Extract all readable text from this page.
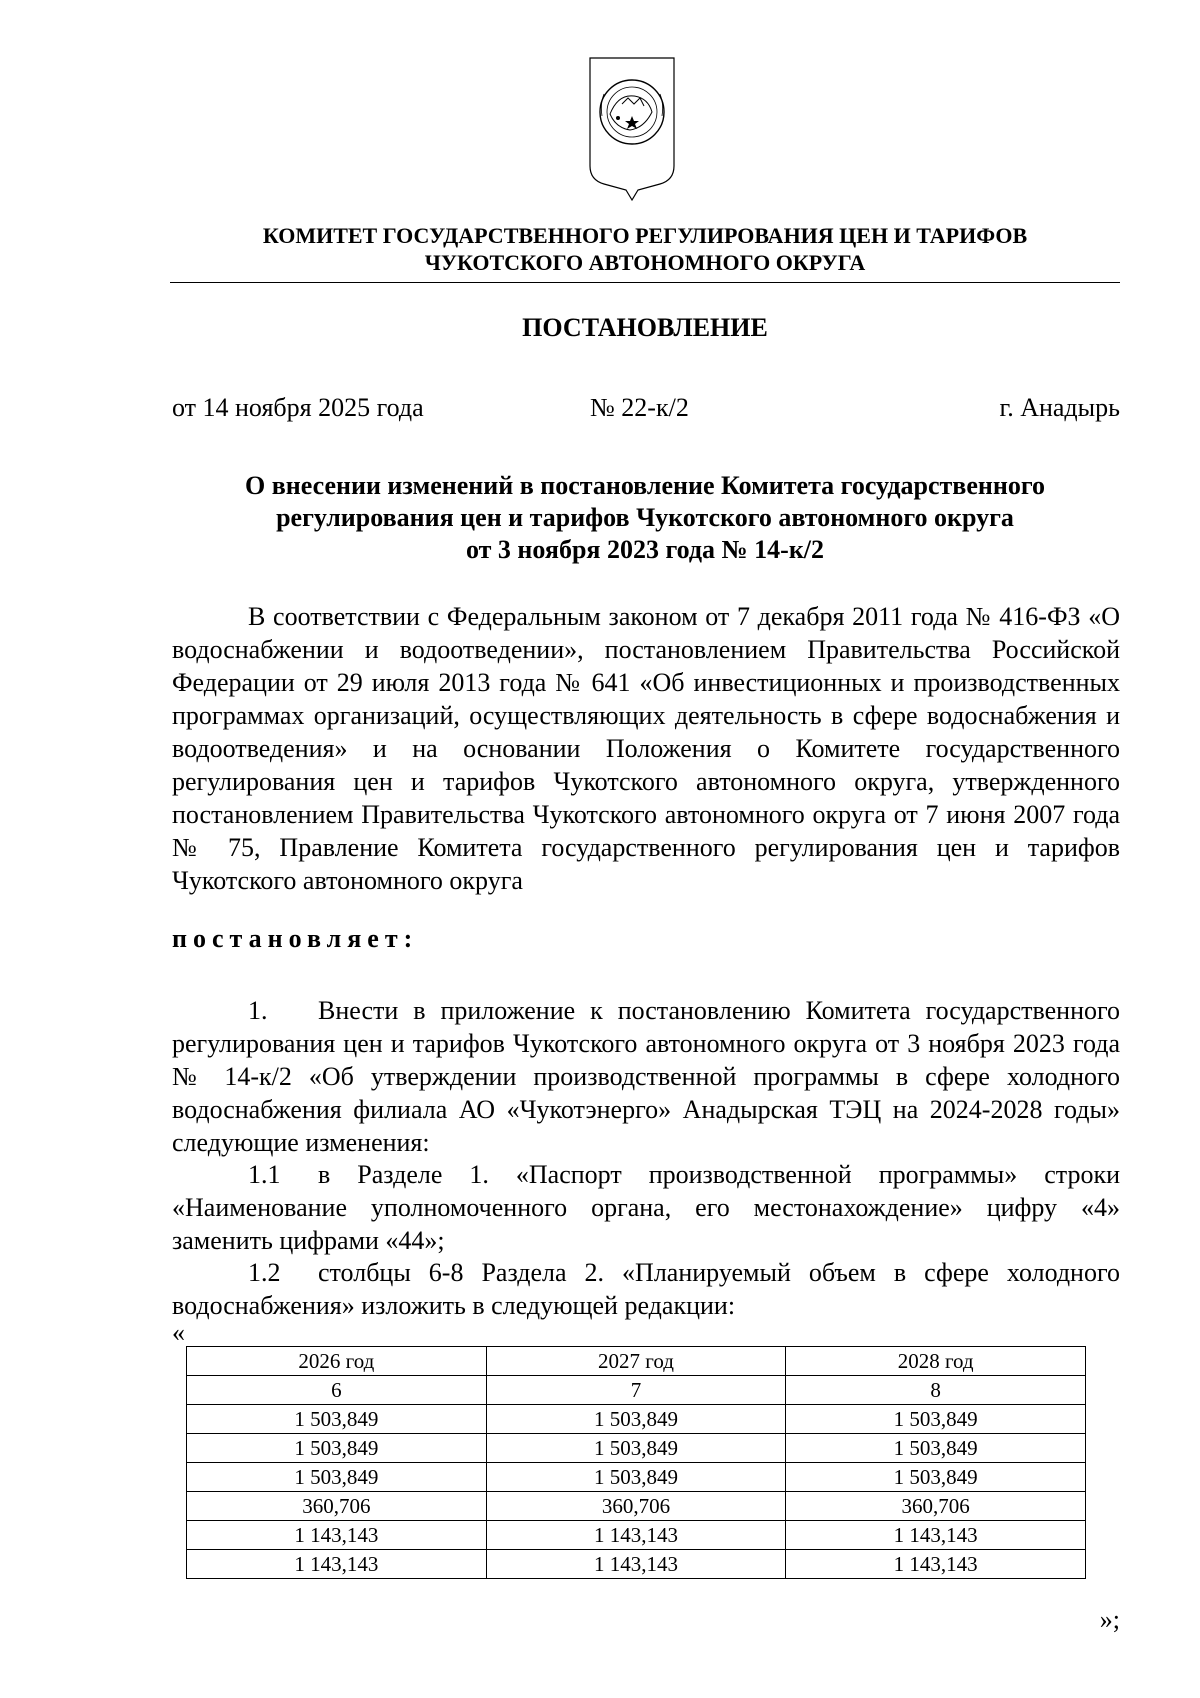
КОМИТЕТ ГОСУДАРСТВЕННОГО РЕГУЛИРОВАНИЯ ЦЕН И ТАРИФОВ
ЧУКОТСКОГО АВТОНОМНОГО ОКРУГА
ПОСТАНОВЛЕНИЕ
от 14 ноября 2025 года	№ 22-к/2	г. Анадырь
О внесении изменений в постановление Комитета государственного
регулирования цен и тарифов Чукотского автономного округа
от 3 ноября 2023 года № 14-к/2

В соответствии с Федеральным законом от 7 декабря 2011 года № 416-ФЗ «О водоснабжении и водоотведении», постановлением Правительства Российской Федерации от 29 июля 2013 года № 641 «Об инвестиционных и производственных программах организаций, осуществляющих деятельность в сфере водоснабжения и водоотведения» и на основании Положения о Комитете государственного регулирования цен и тарифов Чукотского автономного округа, утвержденного постановлением Правительства Чукотского автономного округа от 7 июня 2007 года № 75, Правление Комитета государственного регулирования цен и тарифов Чукотского автономного округа

постановляет:

1. Внести в приложение к постановлению Комитета государственного регулирования цен и тарифов Чукотского автономного округа от 3 ноября 2023 года № 14-к/2 «Об утверждении производственной программы в сфере холодного водоснабжения филиала АО «Чукотэнерго» Анадырская ТЭЦ на 2024-2028 годы» следующие изменения:

1.1 в Разделе 1. «Паспорт производственной программы» строки «Наименование уполномоченного органа, его местонахождение» цифру «4» заменить цифрами «44»;

1.2 столбцы 6-8 Раздела 2. «Планируемый объем в сфере холодного водоснабжения» изложить в следующей редакции:

«
2026 год	2027 год	2028 год
6	7	8
1 503,849	1 503,849	1 503,849
1 503,849	1 503,849	1 503,849
1 503,849	1 503,849	1 503,849
360,706	360,706	360,706
1 143,143	1 143,143	1 143,143
1 143,143	1 143,143	1 143,143
»;
